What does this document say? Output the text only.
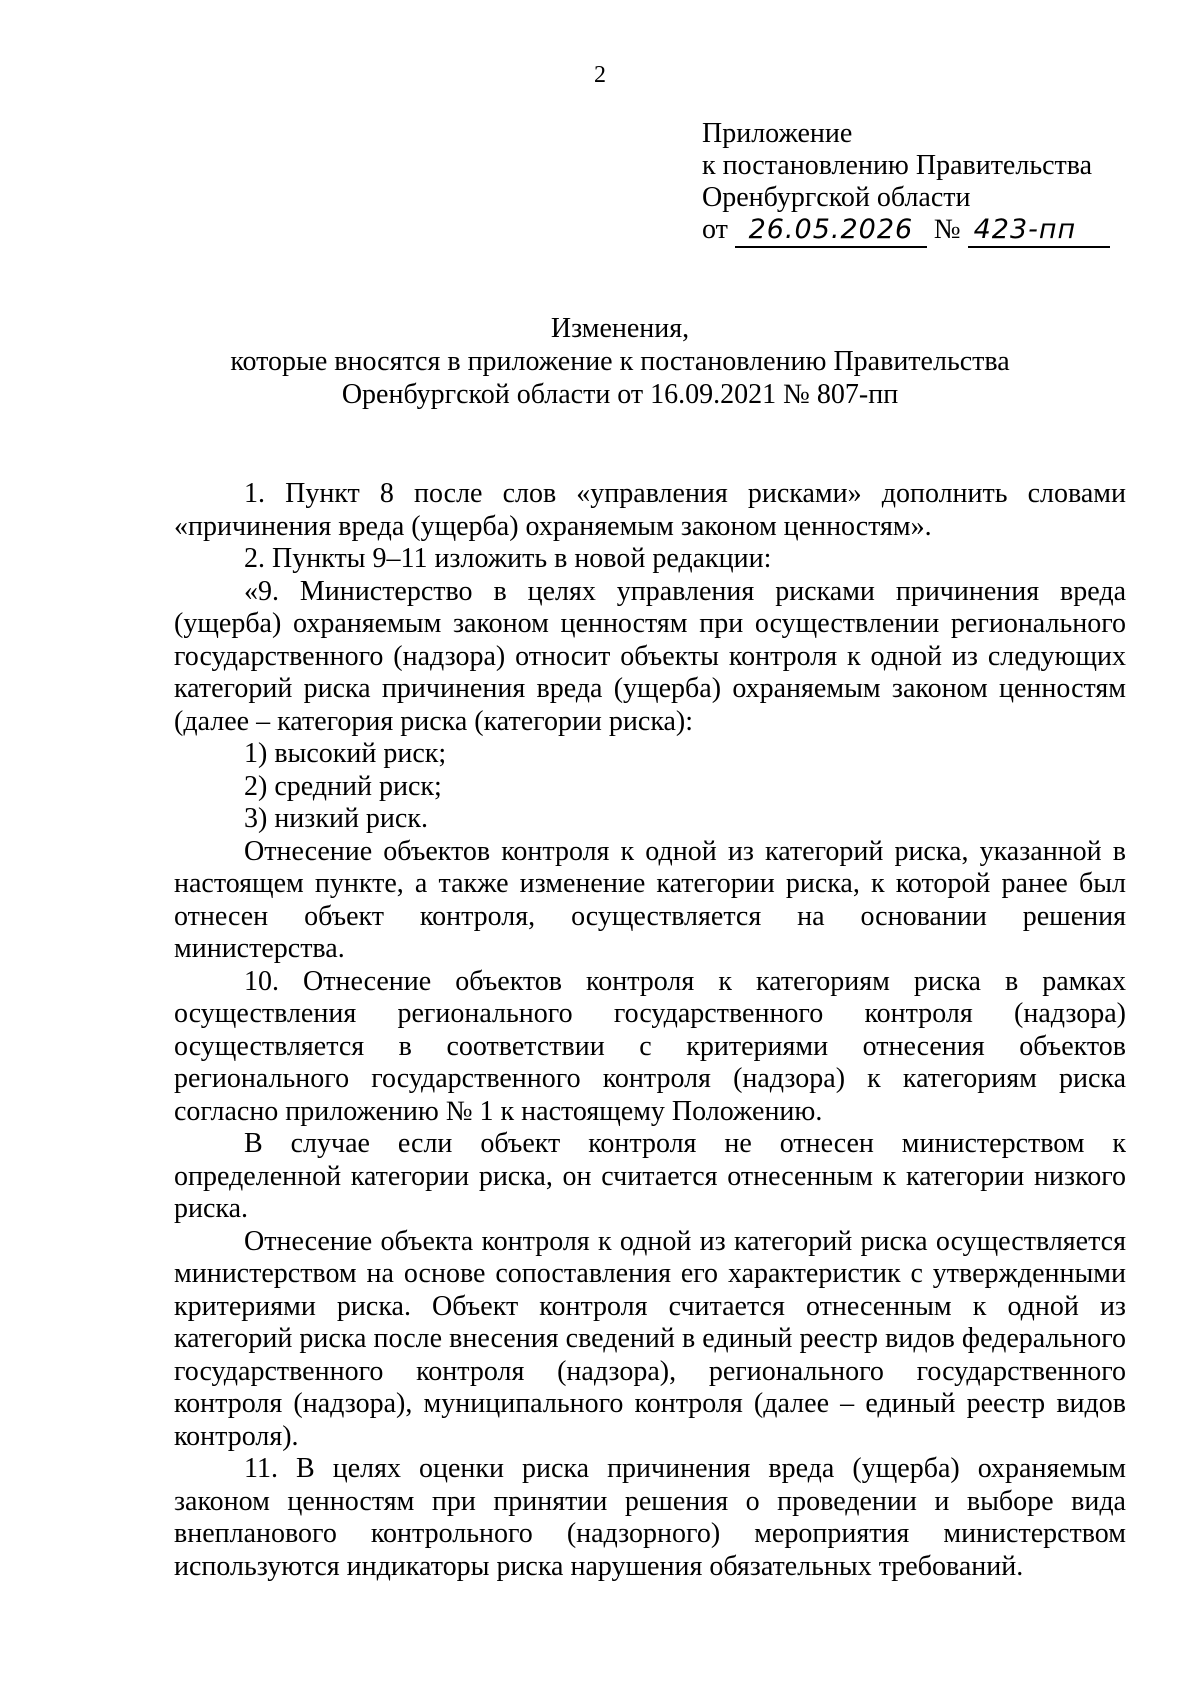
2
Приложение
к постановлению Правительства
Оренбургской области
от 26.05.2026 № 423-пп
Изменения,
которые вносятся в приложение к постановлению Правительства
Оренбургской области от 16.09.2021 № 807-пп

1. Пункт 8 после слов «управления рисками» дополнить словами «причинения вреда (ущерба) охраняемым законом ценностям».

2. Пункты 9–11 изложить в новой редакции:

«9. Министерство в целях управления рисками причинения вреда (ущерба) охраняемым законом ценностям при осуществлении регионального государственного (надзора) относит объекты контроля к одной из следующих категорий риска причинения вреда (ущерба) охраняемым законом ценностям (далее – категория риска (категории риска):

1) высокий риск;

2) средний риск;

3) низкий риск.

Отнесение объектов контроля к одной из категорий риска, указанной в настоящем пункте, а также изменение категории риска, к которой ранее был отнесен объект контроля, осуществляется на основании решения министерства.

10. Отнесение объектов контроля к категориям риска в рамках осуществления регионального государственного контроля (надзора) осуществляется в соответствии с критериями отнесения объектов регионального государственного контроля (надзора) к категориям риска согласно приложению № 1 к настоящему Положению.

В случае если объект контроля не отнесен министерством к определенной категории риска, он считается отнесенным к категории низкого риска.

Отнесение объекта контроля к одной из категорий риска осуществляется министерством на основе сопоставления его характеристик с утвержденными критериями риска. Объект контроля считается отнесенным к одной из категорий риска после внесения сведений в единый реестр видов федерального государственного контроля (надзора), регионального государственного контроля (надзора), муниципального контроля (далее – единый реестр видов контроля).

11. В целях оценки риска причинения вреда (ущерба) охраняемым законом ценностям при принятии решения о проведении и выборе вида внепланового контрольного (надзорного) мероприятия министерством используются индикаторы риска нарушения обязательных требований.
